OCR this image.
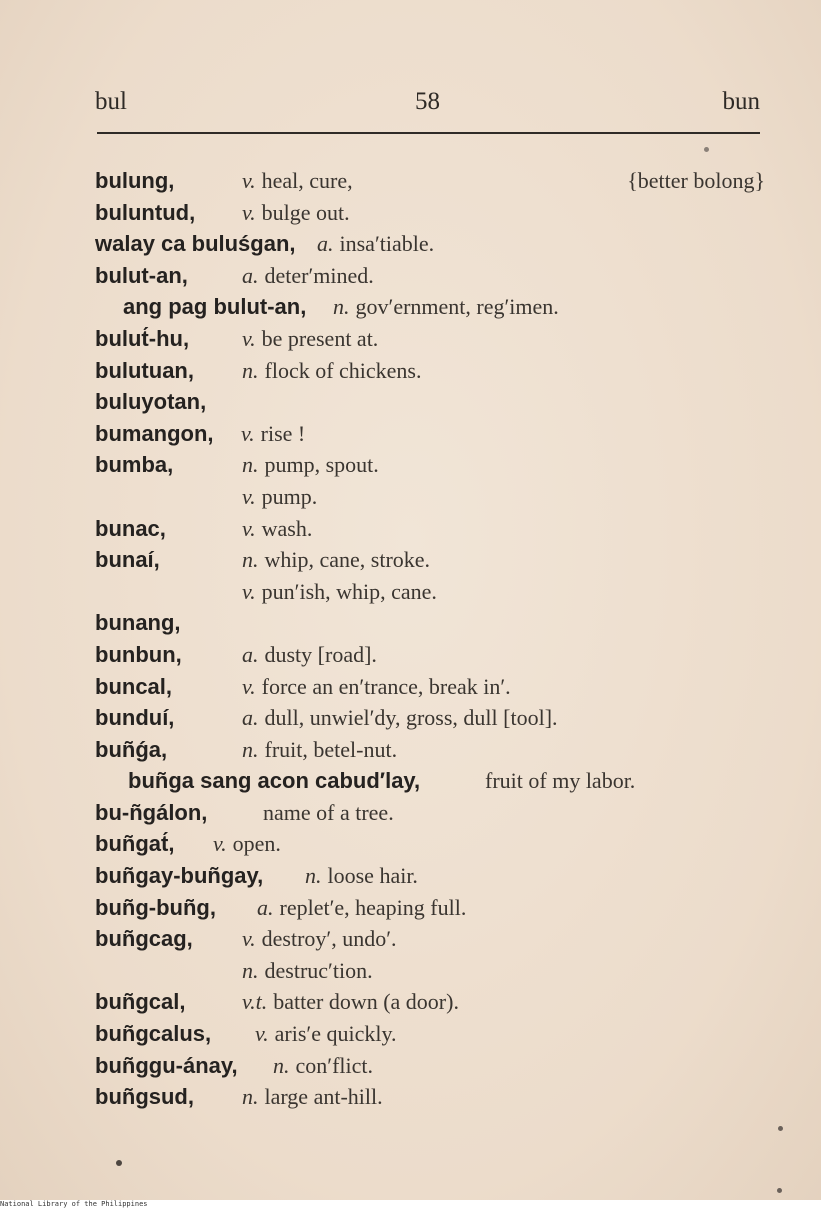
bul	58	bun
bulung,	v. heal, cure,	{better bolong}
buluntud, v. bulge out.
walay ca buluśgan, a. insa′tiable.
bulut-an, a. deter′mined.
ang pag bulut-an, n. gov′ernment, reg′imen.
bulut́-hu, v. be present at.
bulutuan, n. flock of chickens.
buluyotan,
bumangon, v. rise !
bumba,	n. pump, spout.
v. pump.
bunac,	v. wash.
bunaí,	n. whip, cane, stroke.
v. pun′ish, whip, cane.
bunang,
bunbun,	a. dusty [road].
buncal,	v. force an en′trance, break in′.
bunduí,	a. dull, unwiel′dy, gross, dull [tool].
buñǵa,	n. fruit, betel-nut.
buñga sang acon cabud′lay,	fruit of my labor.
bu-ñgálon,	name of a tree.
buñgat́, v. open.
buñgay-buñgay, n. loose hair.
buñg-buñg, a. replet′e, heaping full.
buñgcag, v. destroy′, undo′.
n. destruc′tion.
buñgcal,	v.t. batter down (a door).
buñgcalus, v. aris′e quickly.
buñggu-ánay, n. con′flict.
buñgsud, n. large ant-hill.
National Library of the Philippines
